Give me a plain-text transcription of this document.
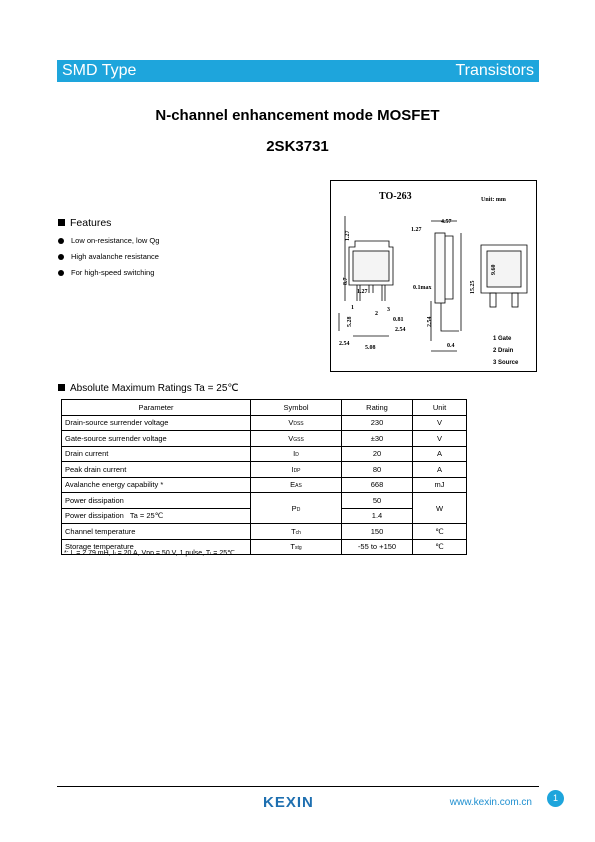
SMD Type	Transistors
N-channel enhancement mode MOSFET
2SK3731
TO-263	Unit: mm
1.27
1.27
4.57
8.7
1.27
0.1max	15.25
9.60
5.28	0.81
2.54
2.54
5.08
2.54
0.4
1
2
3
1 Gate
2 Drain
3 Source
Features
Low on-resistance, low Qg
High avalanche resistance
For high-speed switching
Absolute Maximum Ratings Ta = 25℃
Parameter	Symbol	Rating	Unit
Drain-source surrender voltage	VDSS	230	V
Gate-source surrender voltage	VGSS	±30	V
Drain current	ID	20	A
Peak drain current	IDP	80	A
Avalanche energy capability *	EAS	668	mJ
Power dissipation	PD	50	W
Power dissipation   Ta = 25℃		1.4	
Channel temperature	Tch	150	℃
Storage temperature	Tstg	-55 to +150	℃
*: L = 2.79 mH, Iₗ = 20 A, Vᴅᴅ = 50 V, 1 pulse, Tₗ = 25℃
KEXIN	www.kexin.com.cn	1
